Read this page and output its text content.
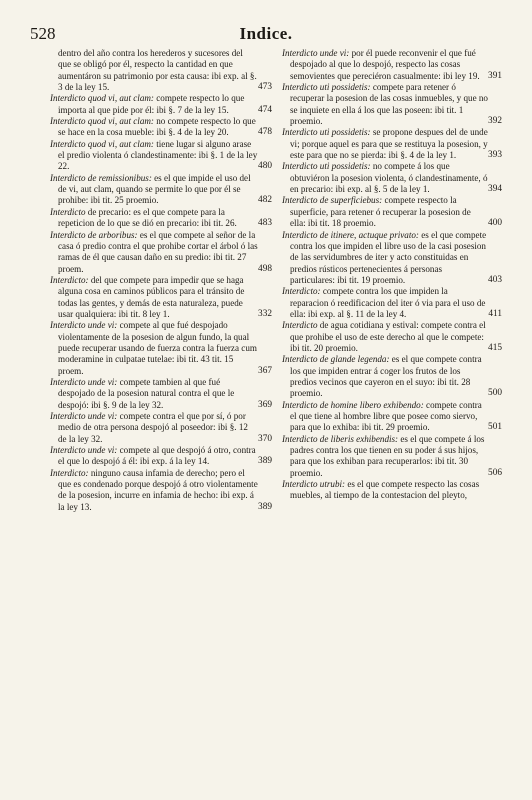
528	Indice.
dentro del año contra los herederos y sucesores del que se obligó por él, respecto la cantidad en que aumentáron su patrimonio por esta causa: ibi exp. al §. 3 de la ley 15.	473
Interdicto quod vi, aut clam: compete respecto lo que importa al que pide por él: ibi §. 7 de la ley 15.	474
Interdicto quod vi, aut clam: no compete respecto lo que se hace en la cosa mueble: ibi §. 4 de la ley 20.	478
Interdicto quod vi, aut clam: tiene lugar si alguno arase el predio violenta ó clandestinamente: ibi §. 1 de la ley 22.	480
Interdicto de remissionibus: es el que impide el uso del de vi, aut clam, quando se permite lo que por él se prohibe: ibi tit. 25 proemio.	482
Interdicto de precario: es el que compete para la repeticion de lo que se dió en precario: ibi tit. 26. 483
Interdicto de arboribus: es el que compete al señor de la casa ó predio contra el que prohibe cortar el árbol ó las ramas de él que causan daño en su predio: ibi tit. 27 proem.	498
Interdicto: del que compete para impedir que se haga alguna cosa en caminos públicos para el tránsito de todas las gentes, y demás de esta naturaleza, puede usar qualquiera: ibi tit. 8 ley 1.	332
Interdicto unde vi: compete al que fué despojado violentamente de la posesion de algun fundo, la qual puede recuperar usando de fuerza contra la fuerza cum moderamine in culpatae tutelae: ibi tit. 43 tit. 15 proem.	367
Interdicto unde vi: compete tambien al que fué despojado de la posesion natural contra el que le despojó: ibi §. 9 de la ley 32.	369
Interdicto unde vi: compete contra el que por sí, ó por medio de otra persona despojó al poseedor: ibi §. 12 de la ley 32.	370
Interdicto unde vi: compete al que despojó á otro, contra el que lo despojó á él: ibi exp. á la ley 14.	389
Interdicto: ninguno causa infamia de derecho; pero el que es condenado porque despojó á otro violentamente de la posesion, incurre en infamia de hecho: ibi exp. á la ley 13.	389
Interdicto unde vi: por él puede reconvenir el que fué despojado al que lo despojó, respecto las cosas semovientes que pereciéron casualmente: ibi ley 19. 391
Interdicto uti possidetis: compete para retener ó recuperar la posesion de las cosas inmuebles, y que no se inquiete en ella á los que las poseen: ibi tit. 1 proemio.	392
Interdicto uti possidetis: se propone despues del de unde vi; porque aquel es para que se restituya la posesion, y este para que no se pierda: ibi §. 4 de la ley 1.	393
Interdicto uti possidetis: no compete á los que obtuviéron la posesion violenta, ó clandestinamente, ó en precario: ibi exp. al §. 5 de la ley 1.	394
Interdicto de superficiebus: compete respecto la superficie, para retener ó recuperar la posesion de ella: ibi tit. 18 proemio.	400
Interdicto de itinere, actuque privato: es el que compete contra los que impiden el libre uso de la casi posesion de las servidumbres de iter y acto constituidas en predios rústicos pertenecientes á personas particulares: ibi tit. 19 proemio.	403
Interdicto: compete contra los que impiden la reparacion ó reedificacion del iter ó via para el uso de ella: ibi exp. al §. 11 de la ley 4.	411
Interdicto de agua cotidiana y estival: compete contra el que prohibe el uso de este derecho al que le compete: ibi tit. 20 proemio.	415
Interdicto de glande legenda: es el que compete contra los que impiden entrar á coger los frutos de los predios vecinos que cayeron en el suyo: ibi tit. 28 proemio.	500
Interdicto de homine libero exhibendo: compete contra el que tiene al hombre libre que posee como siervo, para que lo exhiba: ibi tit. 29 proemio.	501
Interdicto de liberis exhibendis: es el que compete á los padres contra los que tienen en su poder á sus hijos, para que los exhiban para recuperarlos: ibi tit. 30 proemio.	506
Interdicto utrubi: es el que compete respecto las cosas muebles, al tiempo de la contestacion del pleyto,
